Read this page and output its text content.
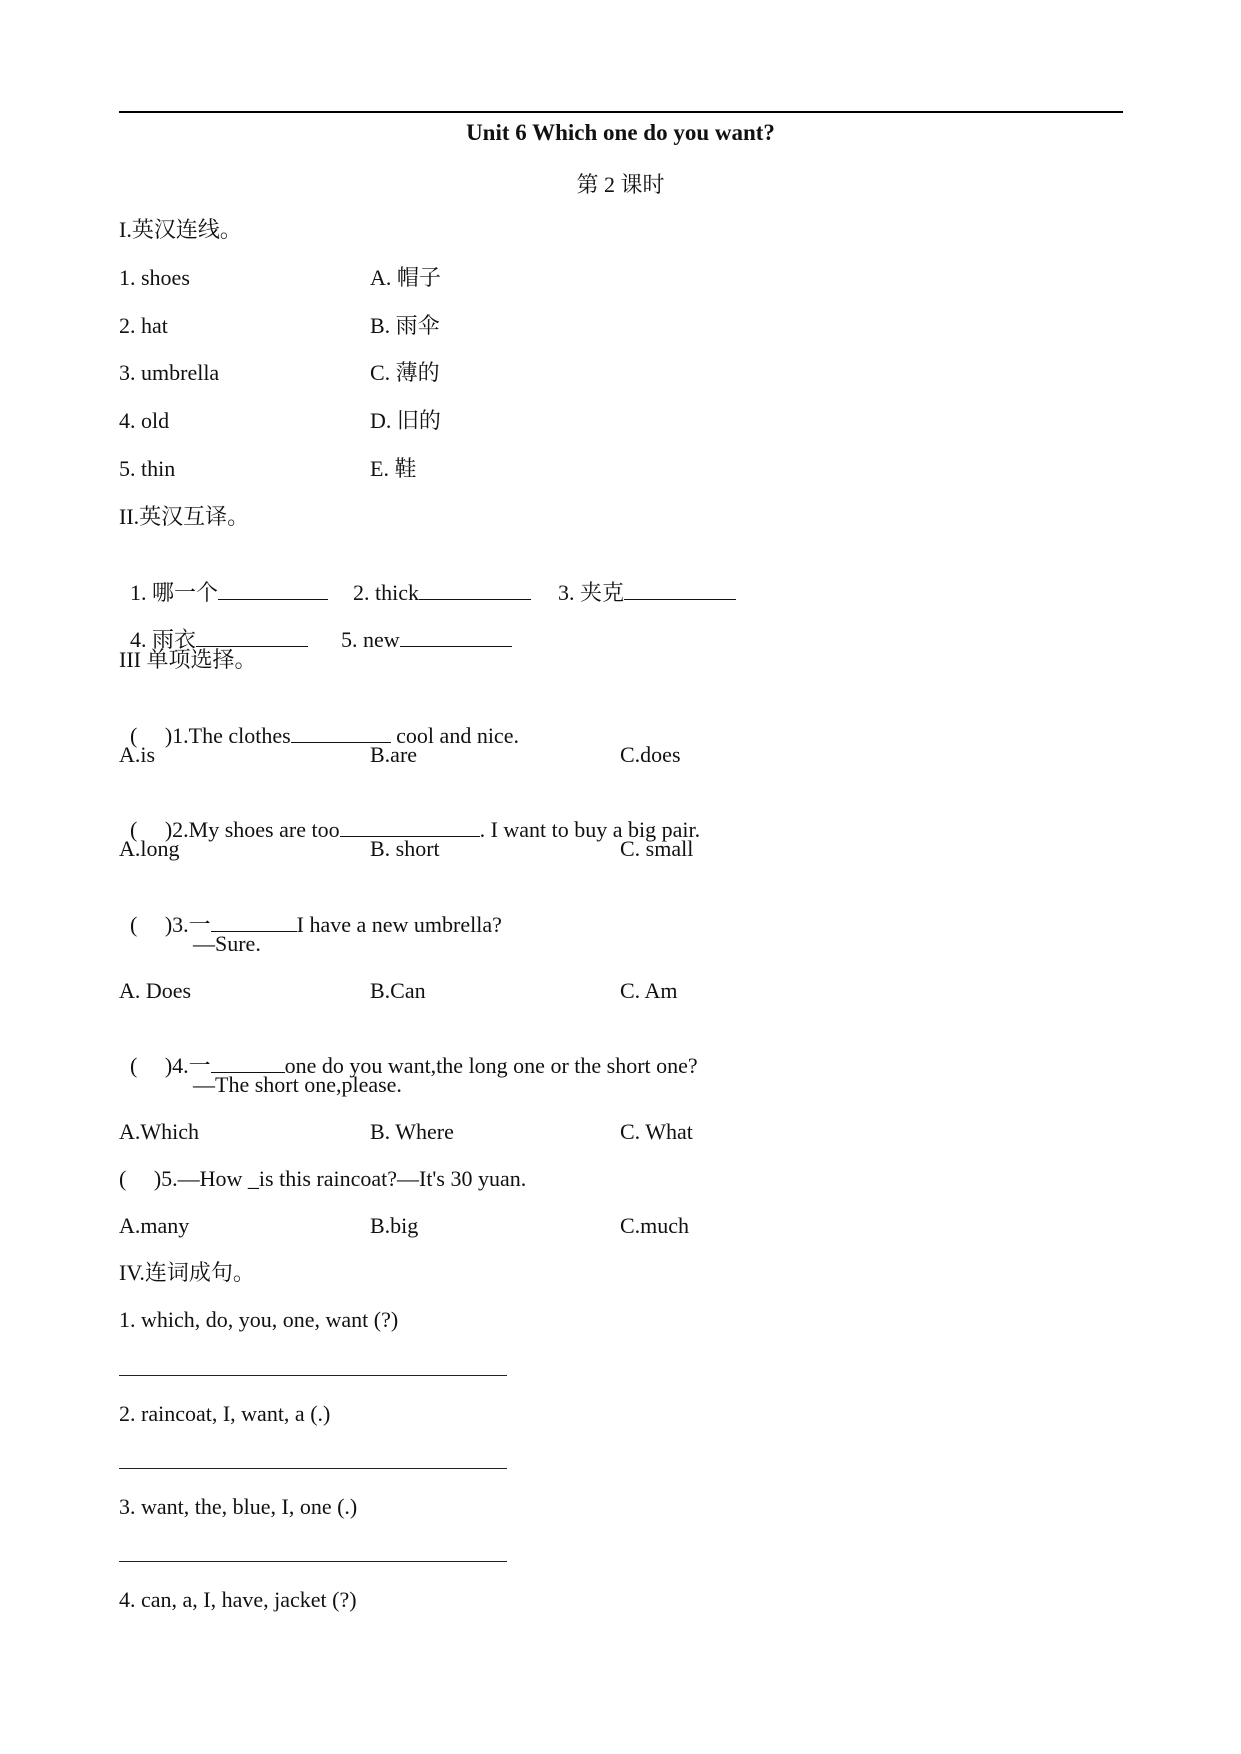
Unit 6 Which one do you want?
第 2 课时
I.英汉连线。
1. shoes	A. 帽子
2. hat	B. 雨伞
3. umbrella	C. 薄的
4. old	D. 旧的
5. thin	E. 鞋
II.英汉互译。

1. 哪一个	2. thick	3. 夹克

4. 雨衣	5. new

III 单项选择。

(     )1.The clothes	cool and nice.

A.is	B.are	C.does

(     )2.My shoes are too	. I want to buy a big pair.

A.long	B. short	C. small

(     )3.一	I have a new umbrella?

—Sure.
A. Does	B.Can	C. Am

(     )4.一	one do you want,the long one or the short one?

—The short one,please.
A.Which	B. Where	C. What
(     )5.—How _is this raincoat?—It's 30 yuan.
A.many	B.big	C.much
IV.连词成句。
1. which, do, you, one, want (?)
2. raincoat, I, want, a (.)
3. want, the, blue, I, one (.)
4. can, a, I, have, jacket (?)
